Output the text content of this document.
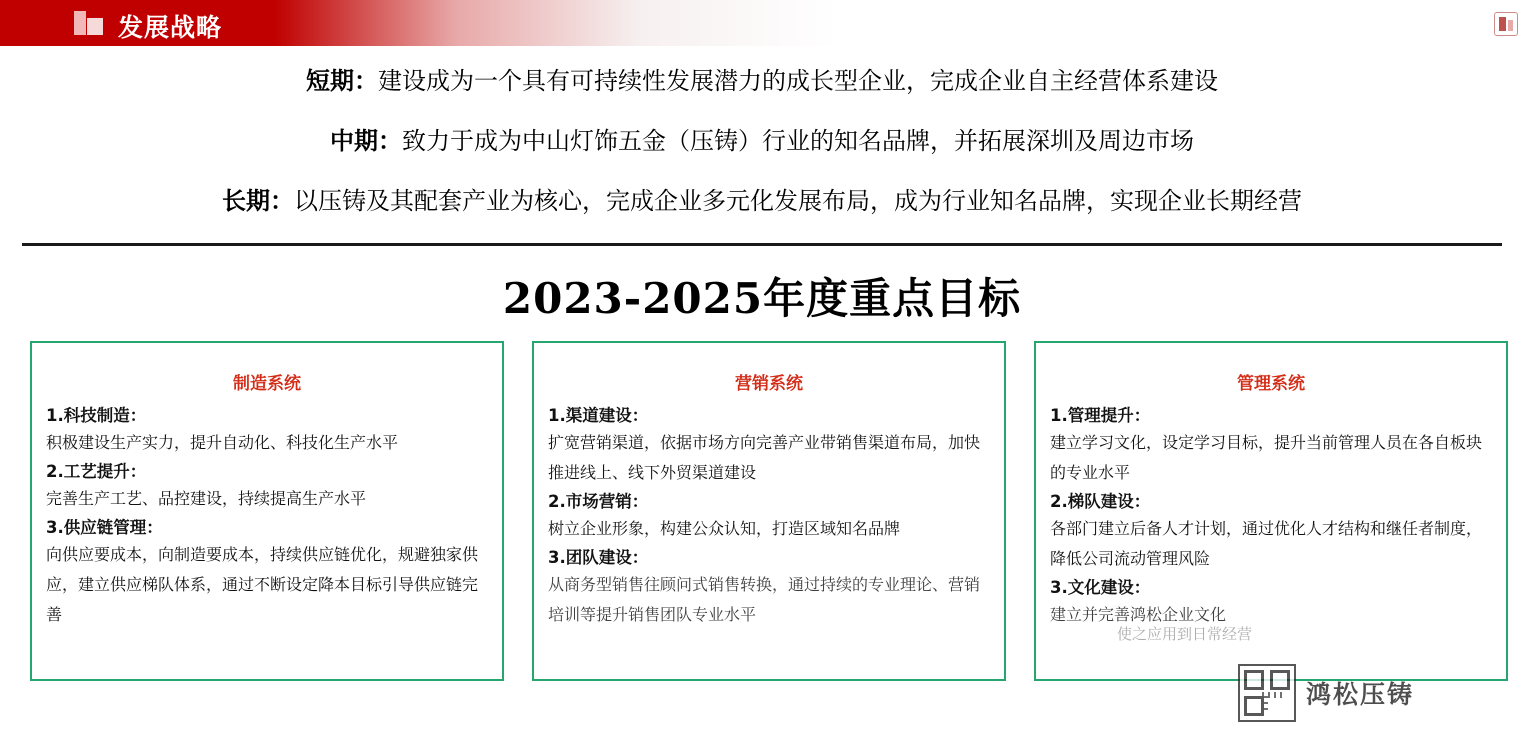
发展战略
短期：建设成为一个具有可持续性发展潜力的成长型企业，完成企业自主经营体系建设
中期：致力于成为中山灯饰五金（压铸）行业的知名品牌，并拓展深圳及周边市场
长期：以压铸及其配套产业为核心，完成企业多元化发展布局，成为行业知名品牌，实现企业长期经营
2023-2025年度重点目标
制造系统
1.科技制造：
积极建设生产实力，提升自动化、科技化生产水平
2.工艺提升：
完善生产工艺、品控建设，持续提高生产水平
3.供应链管理：
向供应要成本，向制造要成本，持续供应链优化，规避独家供应，建立供应梯队体系，通过不断设定降本目标引导供应链完善
营销系统
1.渠道建设：
扩宽营销渠道，依据市场方向完善产业带销售渠道布局，加快推进线上、线下外贸渠道建设
2.市场营销：
树立企业形象，构建公众认知，打造区域知名品牌
3.团队建设：
从商务型销售往顾问式销售转换，通过持续的专业理论、营销培训等提升销售团队专业水平
管理系统
1.管理提升：
建立学习文化，设定学习目标，提升当前管理人员在各自板块的专业水平
2.梯队建设：
各部门建立后备人才计划，通过优化人才结构和继任者制度，降低公司流动管理风险
3.文化建设：
建立并完善鸿松企业文化
使之应用到日常经营
鸿松压铸
